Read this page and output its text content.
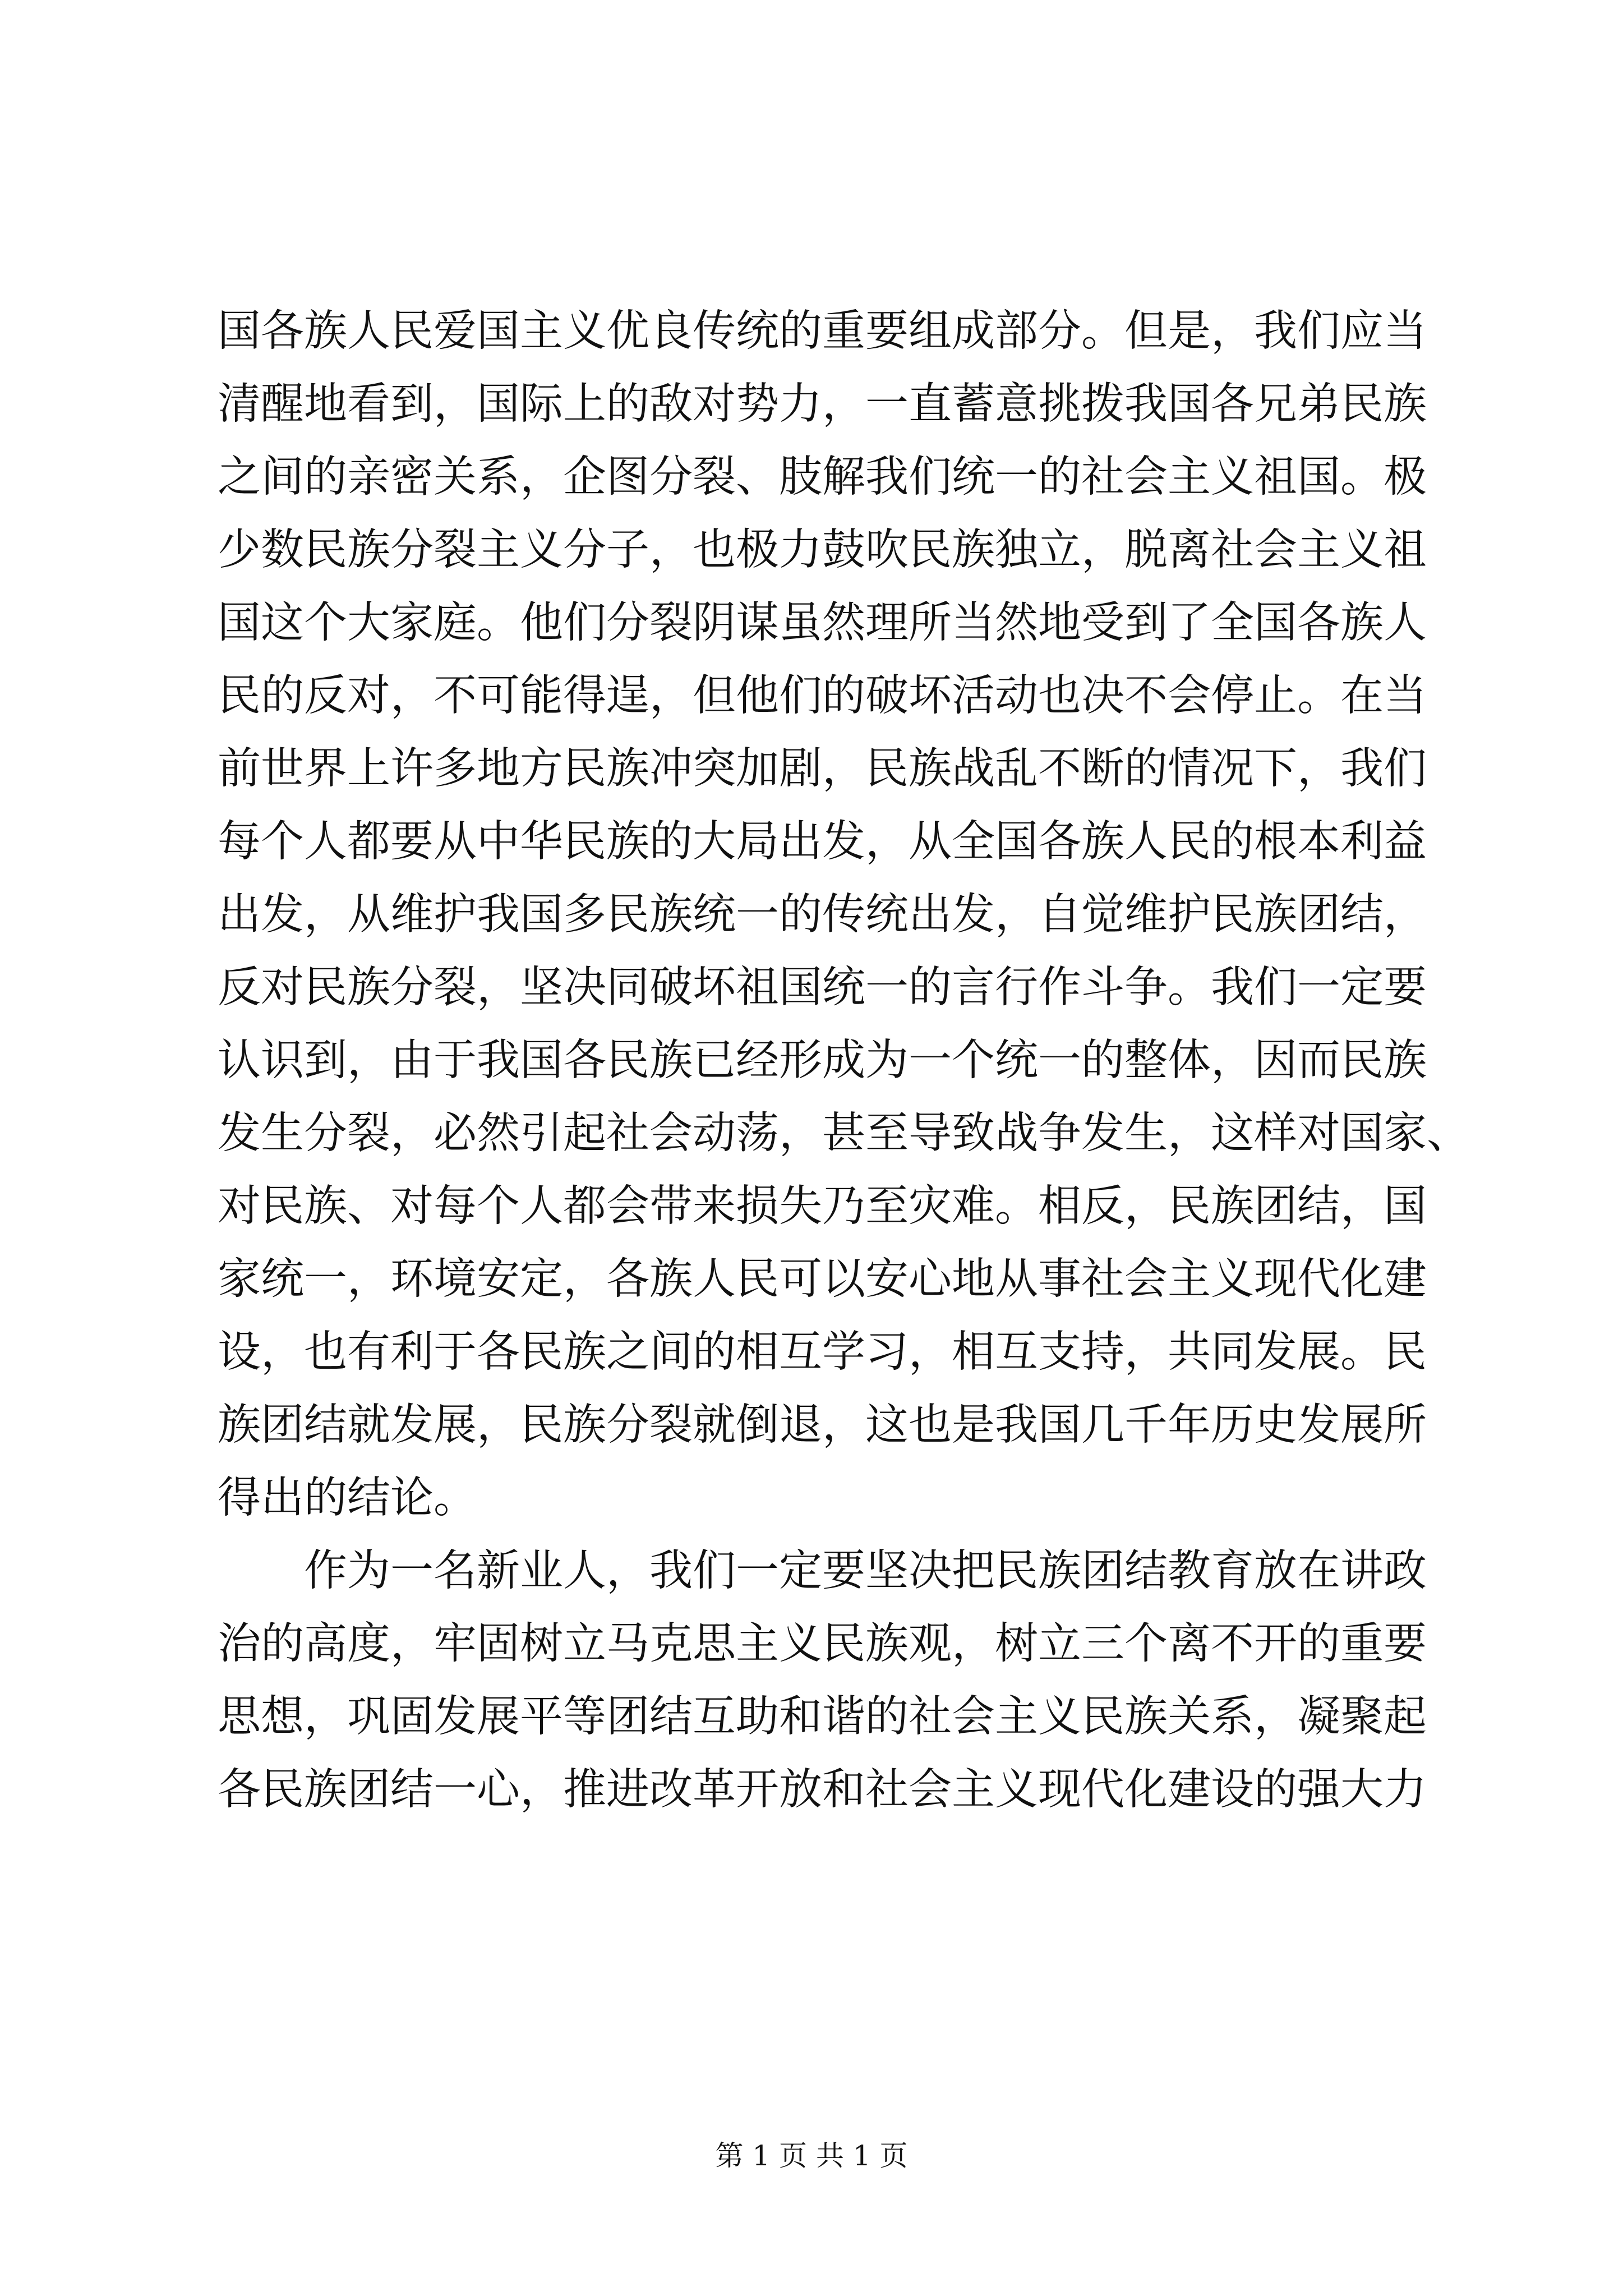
国各族人民爱国主义优良传统的重要组成部分。但是，我们应当
清醒地看到，国际上的敌对势力，一直蓄意挑拨我国各兄弟民族
之间的亲密关系，企图分裂、肢解我们统一的社会主义祖国。极
少数民族分裂主义分子，也极力鼓吹民族独立，脱离社会主义祖
国这个大家庭。他们分裂阴谋虽然理所当然地受到了全国各族人
民的反对，不可能得逞，但他们的破坏活动也决不会停止。在当
前世界上许多地方民族冲突加剧，民族战乱不断的情况下，我们
每个人都要从中华民族的大局出发，从全国各族人民的根本利益
出发，从维护我国多民族统一的传统出发，自觉维护民族团结，
反对民族分裂，坚决同破坏祖国统一的言行作斗争。我们一定要
认识到，由于我国各民族已经形成为一个统一的整体，因而民族
发生分裂，必然引起社会动荡，甚至导致战争发生，这样对国家、
对民族、对每个人都会带来损失乃至灾难。相反，民族团结，国
家统一，环境安定，各族人民可以安心地从事社会主义现代化建
设，也有利于各民族之间的相互学习，相互支持，共同发展。民
族团结就发展，民族分裂就倒退，这也是我国几千年历史发展所
得出的结论。
　　作为一名新业人，我们一定要坚决把民族团结教育放在讲政
治的高度，牢固树立马克思主义民族观，树立三个离不开的重要
思想，巩固发展平等团结互助和谐的社会主义民族关系，凝聚起
各民族团结一心，推进改革开放和社会主义现代化建设的强大力
第 1 页 共 1 页
